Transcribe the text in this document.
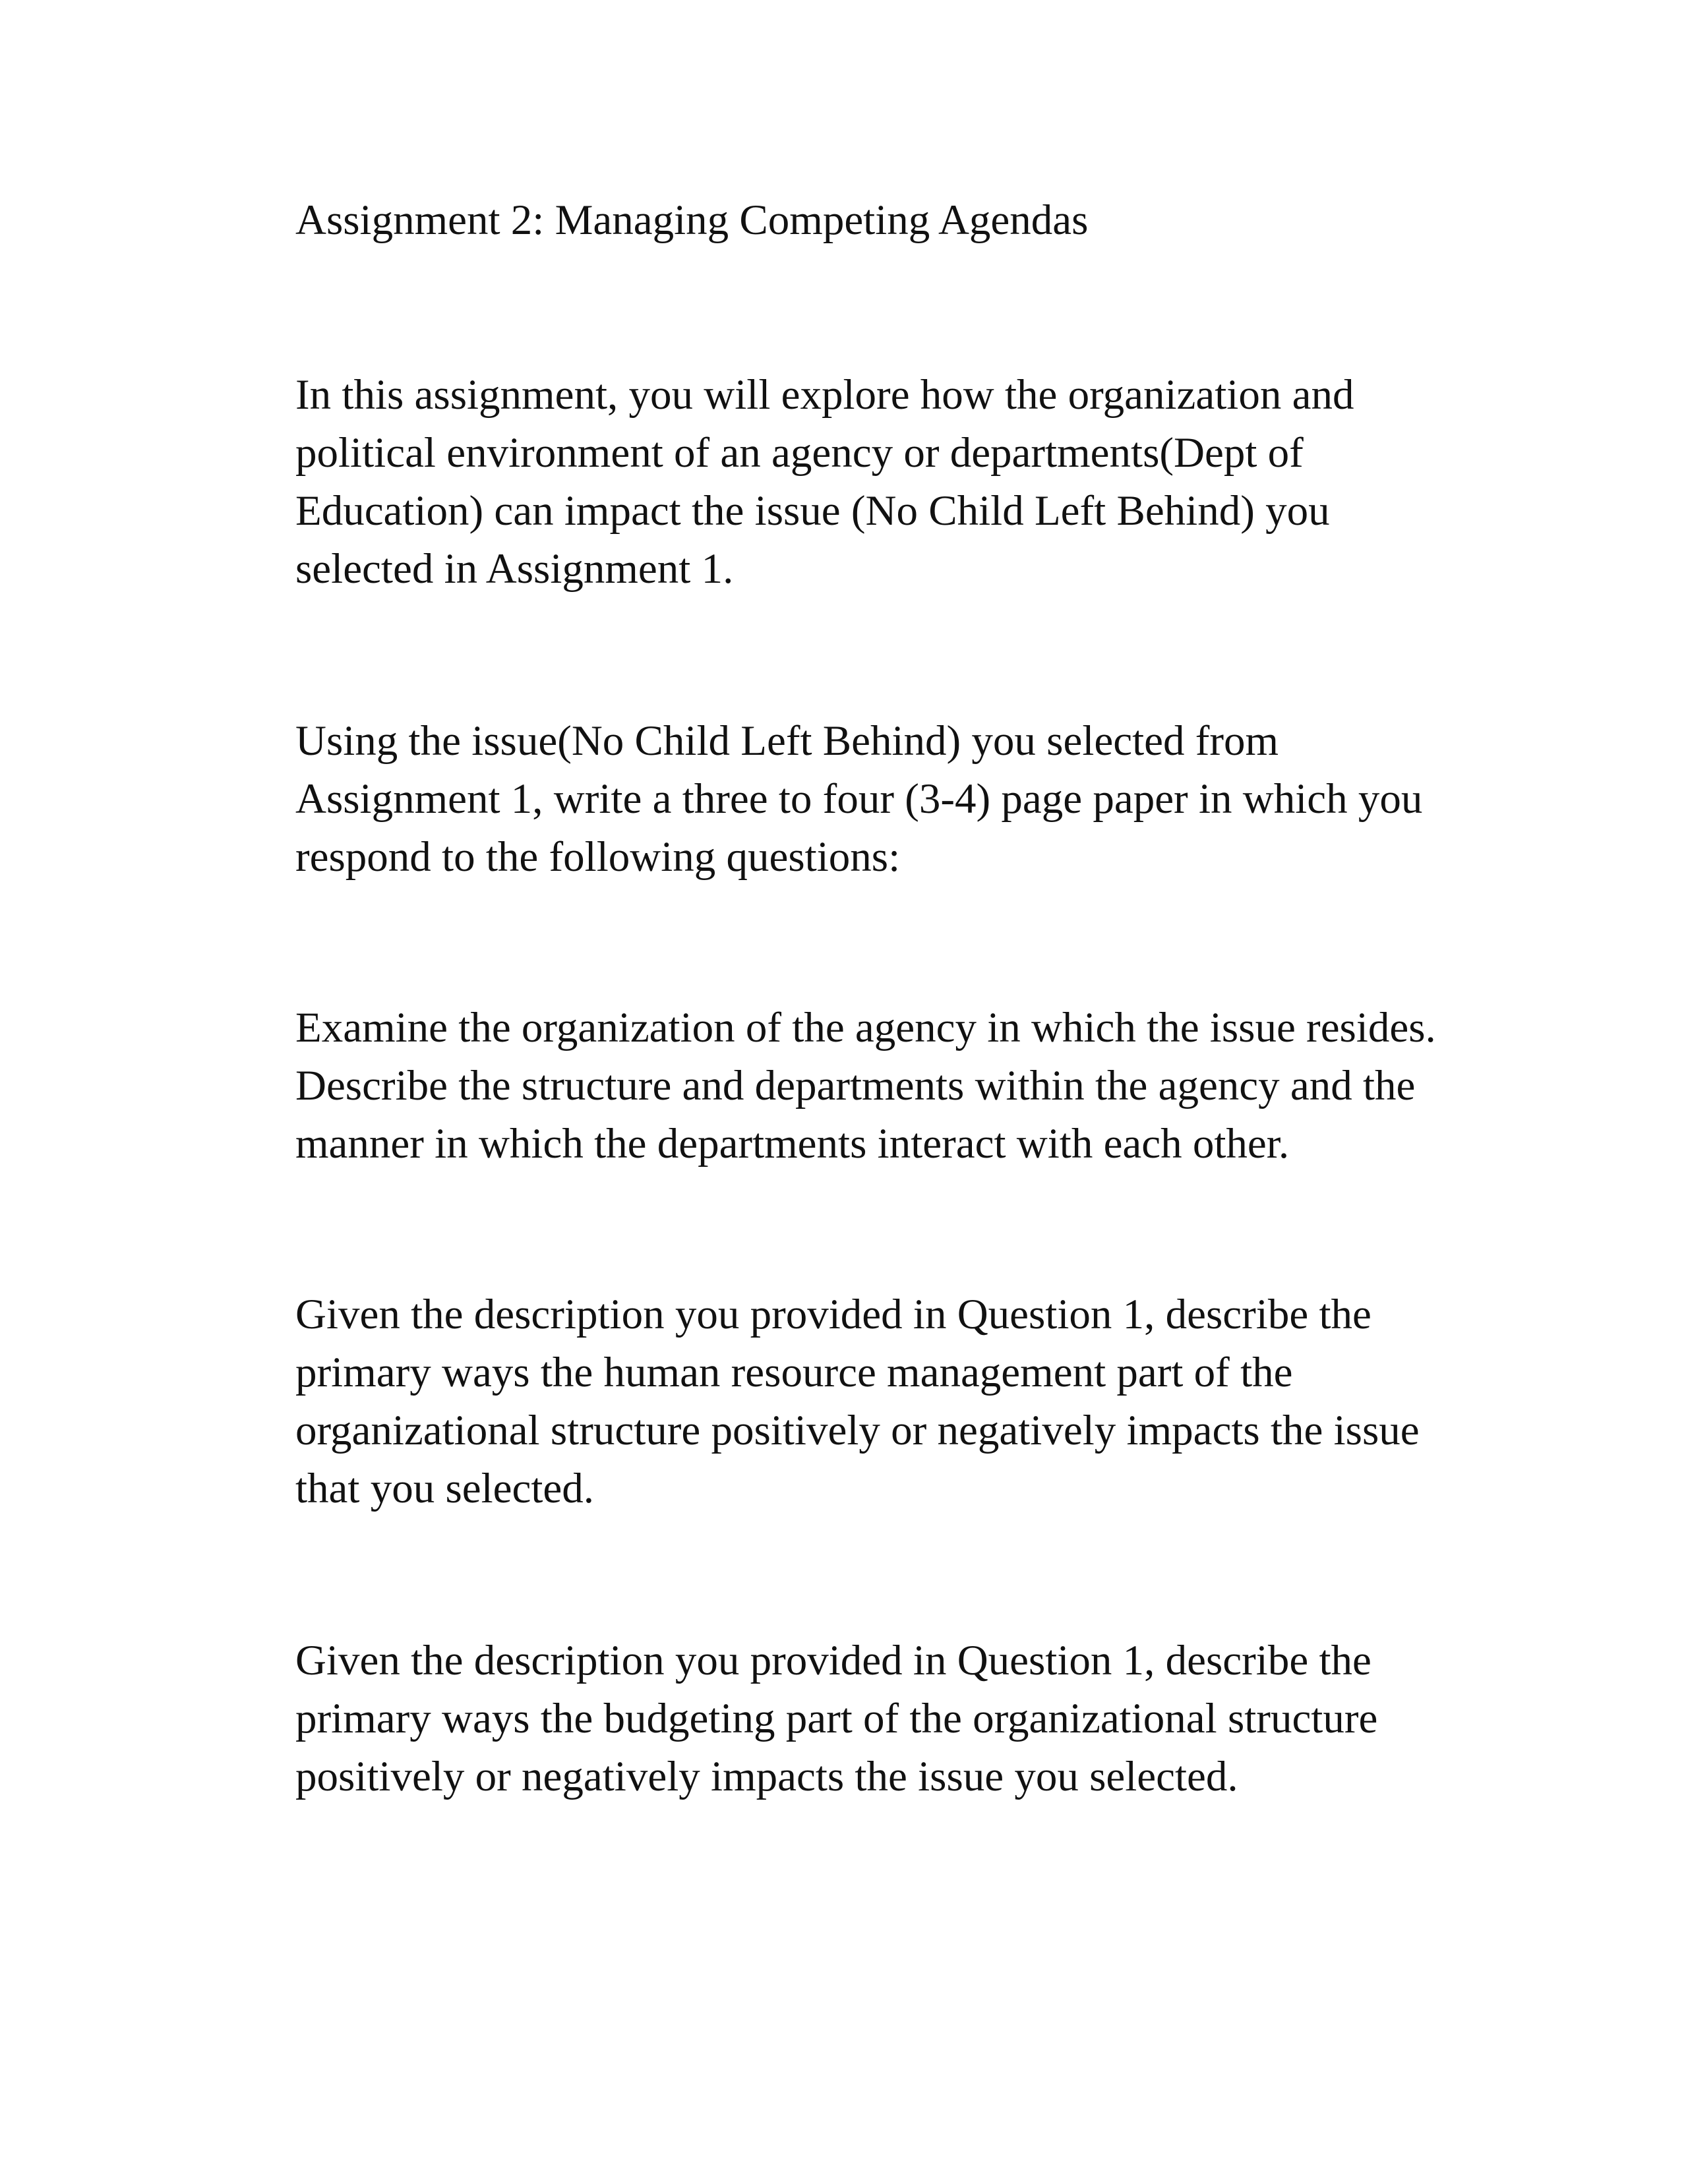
Assignment 2: Managing Competing Agendas

In this assignment, you will explore how the organization and
political environment of an agency or departments(Dept of
Education) can impact the issue (No Child Left Behind) you
selected in Assignment 1.

Using the issue(No Child Left Behind) you selected from
Assignment 1, write a three to four (3-4) page paper in which you
respond to the following questions:

Examine the organization of the agency in which the issue resides.
Describe the structure and departments within the agency and the
manner in which the departments interact with each other.

Given the description you provided in Question 1, describe the
primary ways the human resource management part of the
organizational structure positively or negatively impacts the issue
that you selected.

Given the description you provided in Question 1, describe the
primary ways the budgeting part of the organizational structure
positively or negatively impacts the issue you selected.
